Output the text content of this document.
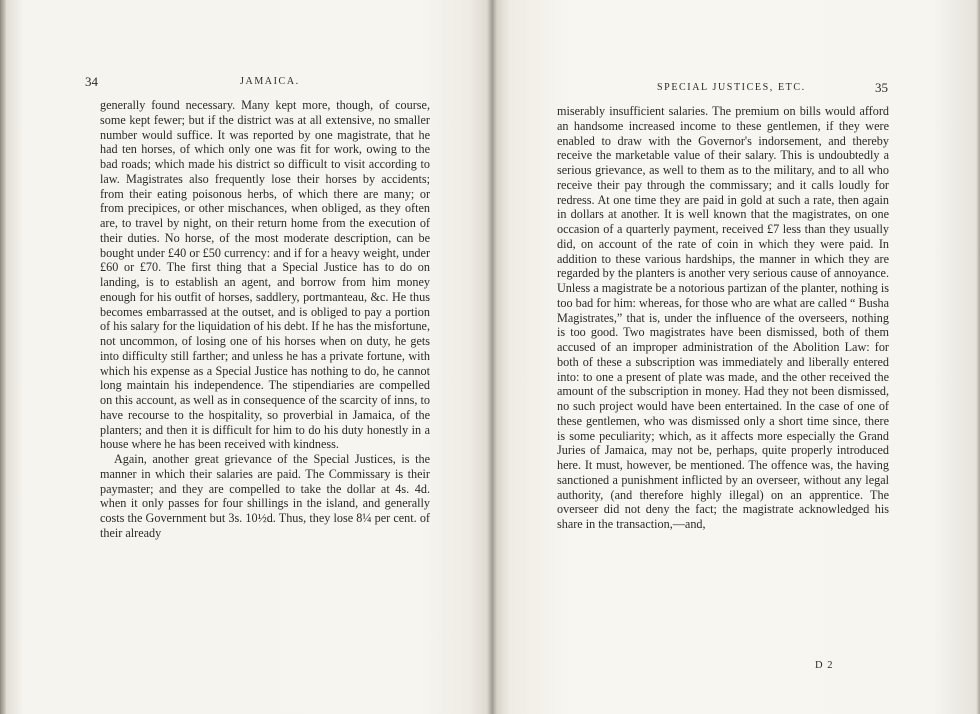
34	JAMAICA.

generally found necessary. Many kept more, though, of course, some kept fewer; but if the district was at all extensive, no smaller number would suffice. It was reported by one magistrate, that he had ten horses, of which only one was fit for work, owing to the bad roads; which made his district so difficult to visit according to law. Magistrates also frequently lose their horses by accidents; from their eating poisonous herbs, of which there are many; or from precipices, or other mischances, when obliged, as they often are, to travel by night, on their return home from the execution of their duties. No horse, of the most moderate description, can be bought under £40 or £50 currency: and if for a heavy weight, under £60 or £70. The first thing that a Special Justice has to do on landing, is to establish an agent, and borrow from him money enough for his outfit of horses, saddlery, portmanteau, &c. He thus becomes embarrassed at the outset, and is obliged to pay a portion of his salary for the liquidation of his debt. If he has the misfortune, not uncommon, of losing one of his horses when on duty, he gets into difficulty still farther; and unless he has a private fortune, with which his expense as a Special Justice has nothing to do, he cannot long maintain his independence. The stipendiaries are compelled on this account, as well as in consequence of the scarcity of inns, to have recourse to the hospitality, so proverbial in Jamaica, of the planters; and then it is difficult for him to do his duty honestly in a house where he has been received with kindness.

Again, another great grievance of the Special Justices, is the manner in which their salaries are paid. The Commissary is their paymaster; and they are compelled to take the dollar at 4s. 4d. when it only passes for four shillings in the island, and generally costs the Government but 3s. 10½d. Thus, they lose 8¼ per cent. of their already

SPECIAL JUSTICES, ETC.	35

miserably insufficient salaries. The premium on bills would afford an handsome increased income to these gentlemen, if they were enabled to draw with the Governor's indorsement, and thereby receive the marketable value of their salary. This is undoubtedly a serious grievance, as well to them as to the military, and to all who receive their pay through the commissary; and it calls loudly for redress. At one time they are paid in gold at such a rate, then again in dollars at another. It is well known that the magistrates, on one occasion of a quarterly payment, received £7 less than they usually did, on account of the rate of coin in which they were paid. In addition to these various hardships, the manner in which they are regarded by the planters is another very serious cause of annoyance. Unless a magistrate be a notorious partizan of the planter, nothing is too bad for him: whereas, for those who are what are called “ Busha Magistrates,” that is, under the influence of the overseers, nothing is too good. Two magistrates have been dismissed, both of them accused of an improper administration of the Abolition Law: for both of these a subscription was immediately and liberally entered into: to one a present of plate was made, and the other received the amount of the subscription in money. Had they not been dismissed, no such project would have been entertained. In the case of one of these gentlemen, who was dismissed only a short time since, there is some peculiarity; which, as it affects more especially the Grand Juries of Jamaica, may not be, perhaps, quite properly introduced here. It must, however, be mentioned. The offence was, the having sanctioned a punishment inflicted by an overseer, without any legal authority, (and therefore highly illegal) on an apprentice. The overseer did not deny the fact; the magistrate acknowledged his share in the transaction,—and,

D 2
